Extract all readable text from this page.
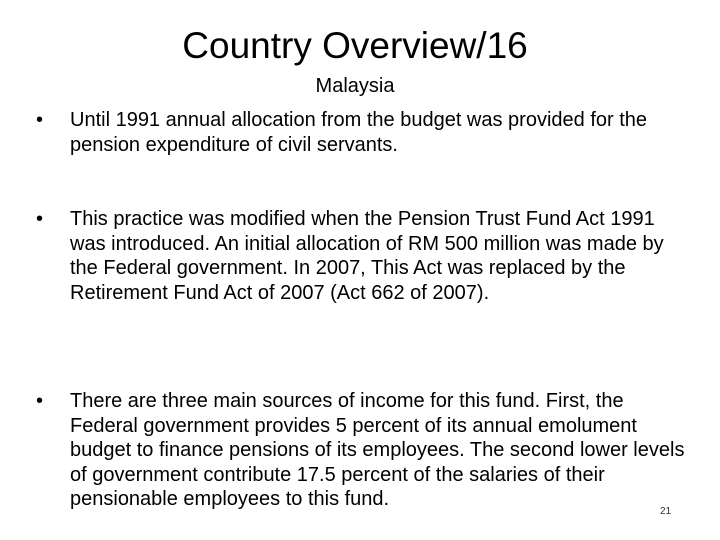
Country Overview/16
Malaysia
•	Until 1991 annual allocation from the budget was provided for the pension expenditure of civil servants.
•	This practice was modified when the Pension Trust Fund Act 1991 was introduced. An initial allocation of RM 500 million was made by the Federal government. In 2007, This Act was replaced by the Retirement Fund Act of 2007 (Act 662 of 2007).
•	There are three main sources of income for this fund. First, the Federal government provides 5 percent of its annual emolument budget to finance pensions of its employees. The second lower levels of government contribute 17.5 percent of the salaries of their pensionable employees to this fund.
21
